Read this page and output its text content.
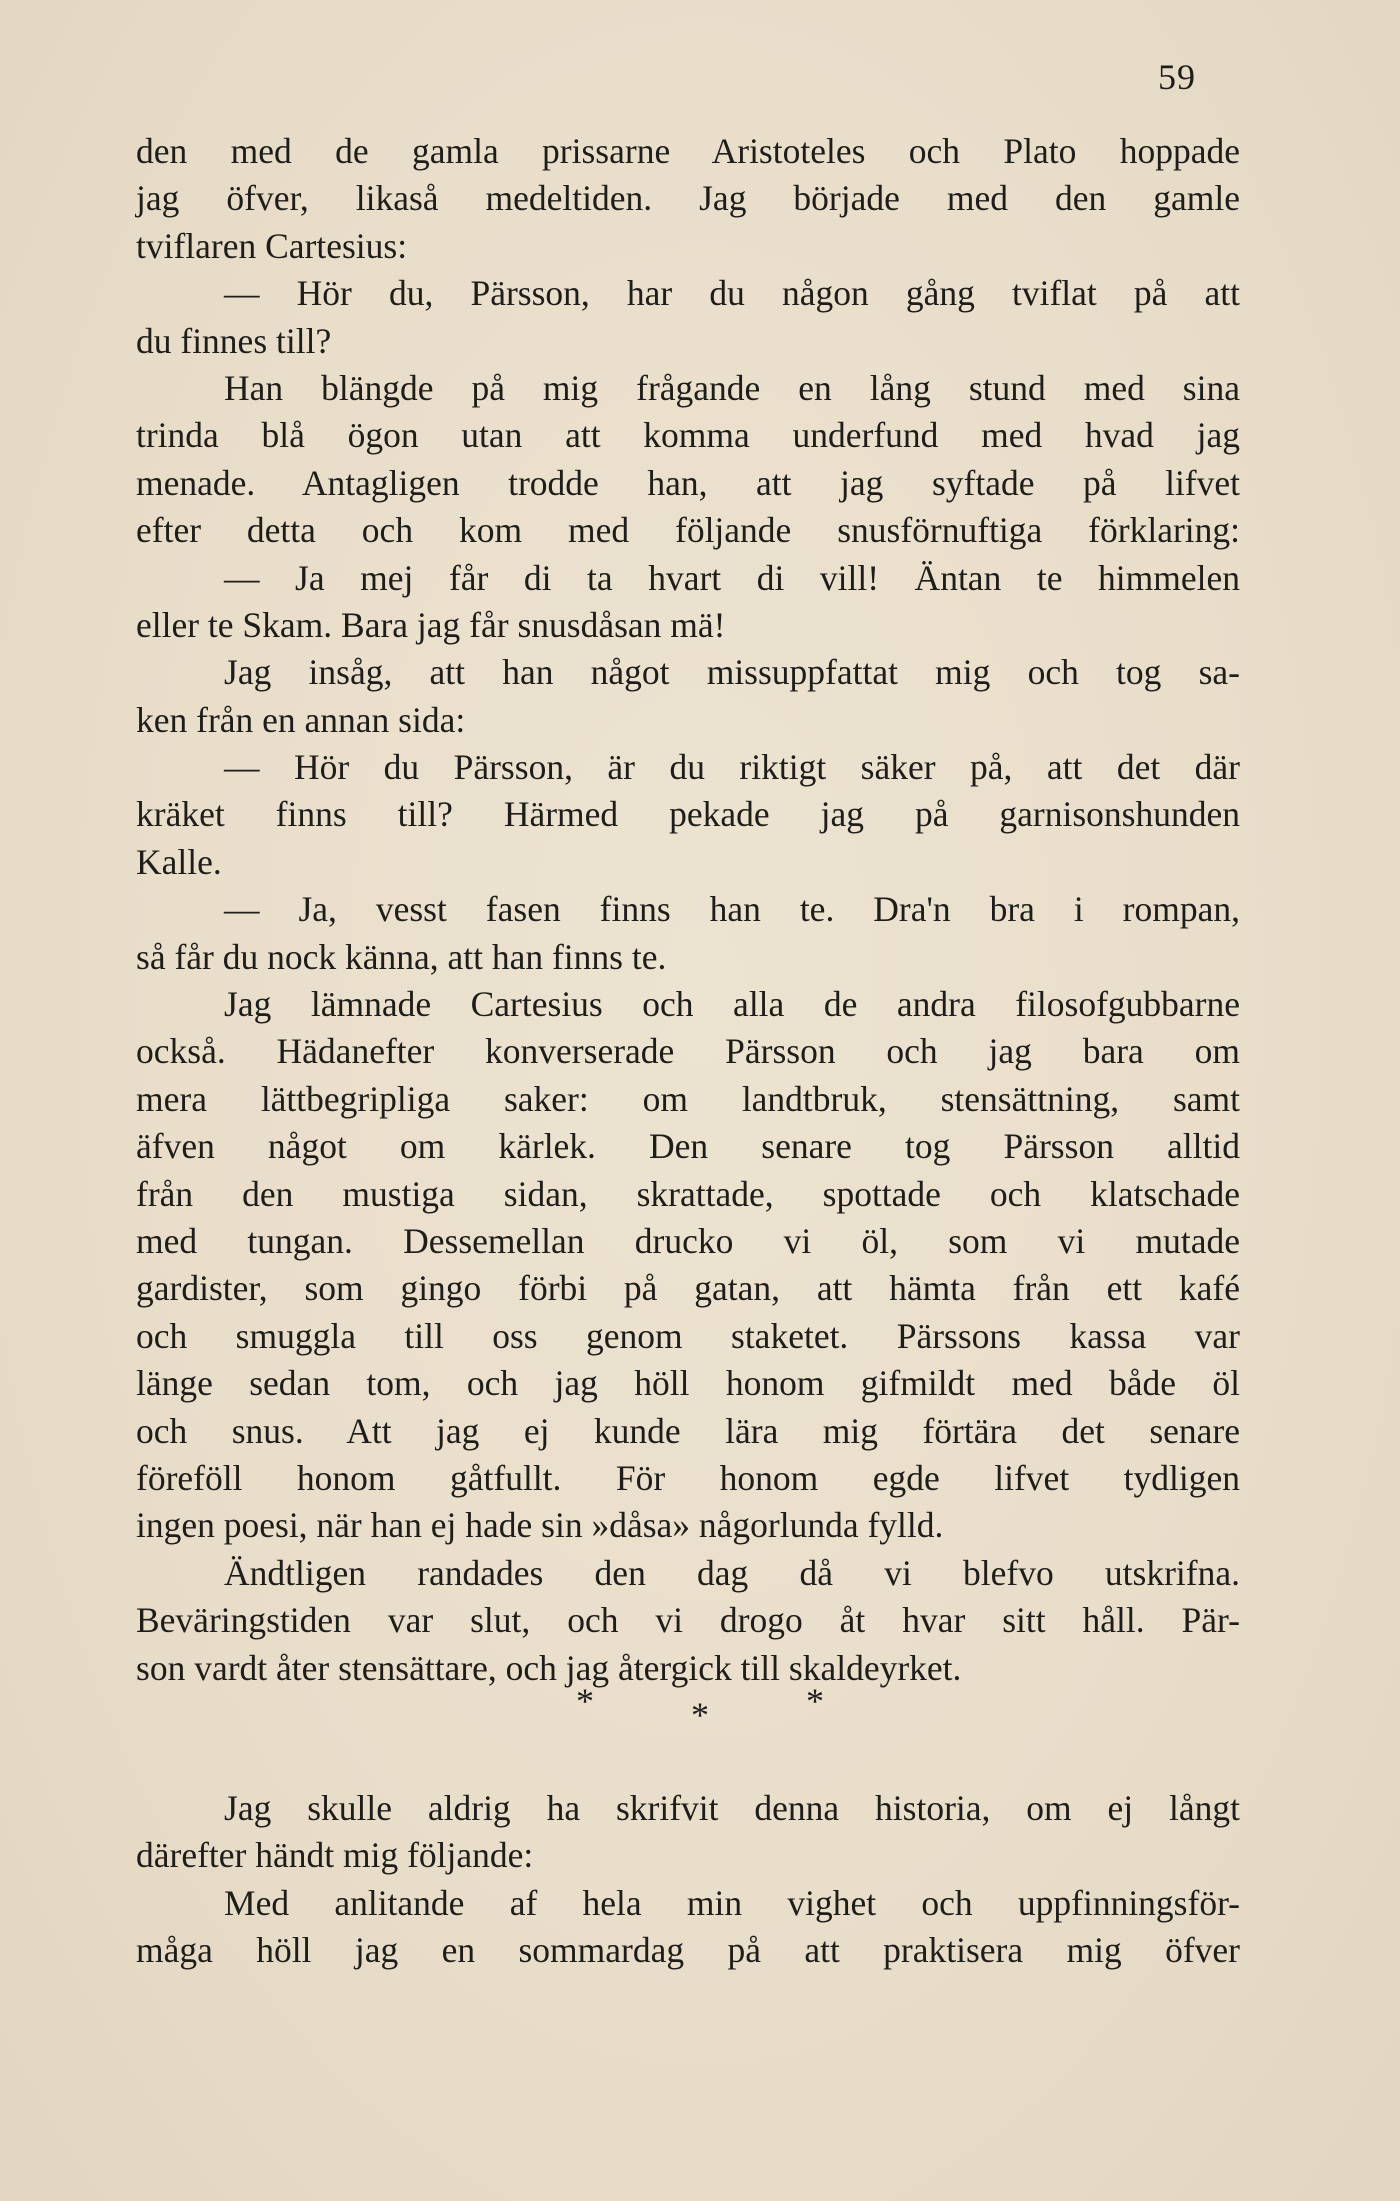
59
den med de gamla prissarne Aristoteles och Plato hoppade
jag öfver, likaså medeltiden. Jag började med den gamle
tviflaren Cartesius:
— Hör du, Pärsson, har du någon gång tviflat på att
du finnes till?
Han blängde på mig frågande en lång stund med sina
trinda blå ögon utan att komma underfund med hvad jag
menade. Antagligen trodde han, att jag syftade på lifvet
efter detta och kom med följande snusförnuftiga förklaring:
— Ja mej får di ta hvart di vill! Äntan te himmelen
eller te Skam. Bara jag får snusdåsan mä!
Jag insåg, att han något missuppfattat mig och tog sa-
ken från en annan sida:
— Hör du Pärsson, är du riktigt säker på, att det där
kräket finns till? Härmed pekade jag på garnisonshunden
Kalle.
— Ja, vesst fasen finns han te. Dra'n bra i rompan,
så får du nock känna, att han finns te.
Jag lämnade Cartesius och alla de andra filosofgubbarne
också. Hädanefter konverserade Pärsson och jag bara om
mera lättbegripliga saker: om landtbruk, stensättning, samt
äfven något om kärlek. Den senare tog Pärsson alltid
från den mustiga sidan, skrattade, spottade och klatschade
med tungan. Dessemellan drucko vi öl, som vi mutade
gardister, som gingo förbi på gatan, att hämta från ett kafé
och smuggla till oss genom staketet. Pärssons kassa var
länge sedan tom, och jag höll honom gifmildt med både öl
och snus. Att jag ej kunde lära mig förtära det senare
föreföll honom gåtfullt. För honom egde lifvet tydligen
ingen poesi, när han ej hade sin »dåsa» någorlunda fylld.
Ändtligen randades den dag då vi blefvo utskrifna.
Beväringstiden var slut, och vi drogo åt hvar sitt håll. Pär-
son vardt åter stensättare, och jag återgick till skaldeyrket.
*	*	*
Jag skulle aldrig ha skrifvit denna historia, om ej långt
därefter händt mig följande:
Med anlitande af hela min vighet och uppfinningsför-
måga höll jag en sommardag på att praktisera mig öfver
